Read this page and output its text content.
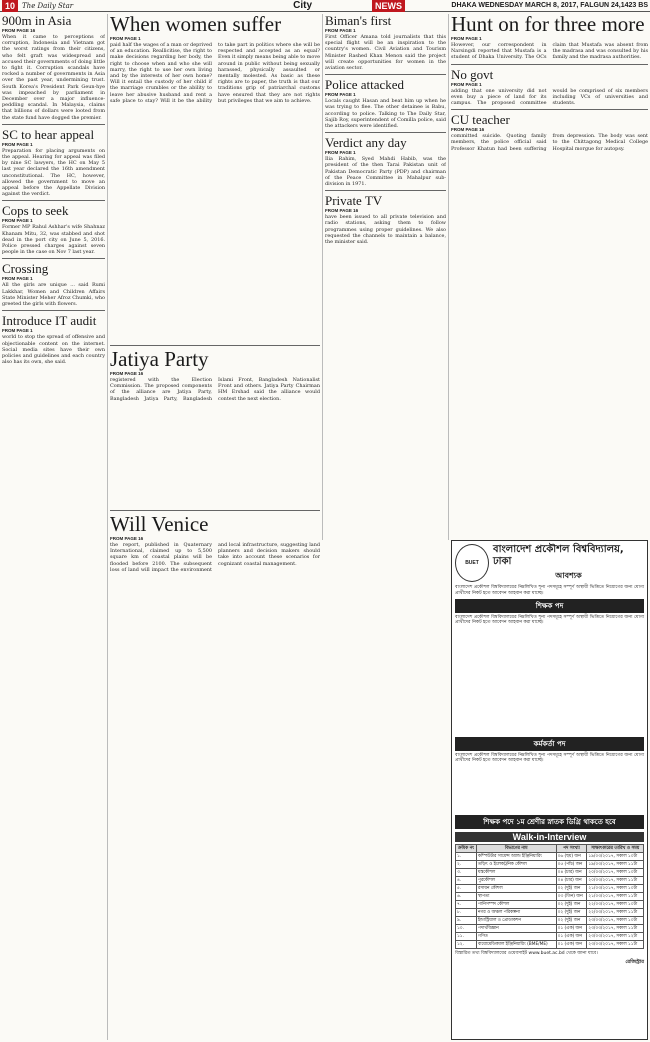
10	The Daily Star	City	NEWS	DHAKA WEDNESDAY MARCH 8, 2017, FALGUN 24,1423 BS
900m in Asia
FROM PAGE 16

When it came to perceptions of corruption, Indonesia and Vietnam got the worst ratings from their citizens, who felt graft was widespread and accused their governments of doing little to fight it. Corruption scandals have rocked a number of governments in Asia over the past year, undermining trust. South Korea's President Park Geun-hye was impeached by parliament in December over a major influence-peddling scandal. In Malaysia, claims that billions of dollars were looted from the state fund have dogged the premier.

SC to hear appeal
FROM PAGE 1

Preparation for placing arguments on the appeal. Hearing for appeal was filed by nine SC lawyers, the HC on May 5 last year declared the 16th amendment unconstitutional. The HC, however, allowed the government to move an appeal before the Appellate Division against the verdict.

Cops to seek
FROM PAGE 1

Former MP Rahul Ashhar's wife Shahnaz Khanam Mitu, 32, was stabbed and shot dead in the port city on June 5, 2016. Police pressed charges against seven people in the case on Nov 7 last year.

Crossing
FROM PAGE 1

All the girls are unique ... said Rumi Lakkhar, Women and Children Affairs State Minister Meher Afroz Chumki, who greeted the girls with flowers.

Introduce IT audit
FROM PAGE 1

world to stop the spread of offensive and objectionable content on the internet. Social media sites have their own policies and guidelines and each country also has its own, she said.

When women suffer
FROM PAGE 1

paid half the wages of a man or deprived of an education. Reallicitise, the right to make decisions regarding her body, the right to choose when and who she will marry, the right to use her own living and by the interests of her own home? Will it entail the custody of her child if the marriage crumbles or the ability to leave her abusive husband and rent a safe place to stay? Will it be the ability to take part in politics where she will be respected and accepted as an equal? Even it simply means being able to move around in public without being sexually harassed, physically assaulted or mentally molested. As basic as these rights are to paper, the truth is that our traditions grip of patriarchal customs have ensured that they are not rights but privileges that we aim to achieve.

Jatiya Party
FROM PAGE 16

registered with the Election Commission. The proposed components of the alliance are Jatiya Party, Bangladesh Jatiya Party, Bangladesh Islami Front, Bangladesh Nationalist Front and others. Jatiya Party Chairman HM Ershad said the alliance would contest the next election.

Will Venice
FROM PAGE 16

the report, published in Quaternary International, claimed up to 5,500 square km of coastal plains will be flooded before 2100. The subsequent loss of land will impact the environment and local infrastructure, suggesting land planners and decision makers should take into account these scenarios for cognizant coastal management.

Biman's first
FROM PAGE 1

First Officer Amana told journalists that this special flight will be an inspiration to the country's women. Civil Aviation and Tourism Minister Rashed Khan Menon said the project will create opportunities for women in the aviation sector.

Police attacked
FROM PAGE 1

Locals caught Hasan and beat him up when he was trying to flee. The other detainee is Babu, according to police. Talking to The Daily Star, Sajib Roy, superintendent of Comilla police, said the attackers were identified.

Verdict any day
FROM PAGE 1

Ilia Rahim, Syed Mahdi Habib, was the president of the then Tarai Pakistan unit of Pakistan Democratic Party (PDP) and chairman of the Peace Committee in Mahalpur sub-division in 1971.

Private TV
FROM PAGE 16

have been issued to all private television and radio stations, asking them to follow programmes using proper guidelines. We also requested the channels to maintain a balance, the minister said.

Hunt on for three more
FROM PAGE 1

However, our correspondent in Narsingdi reported that Mustafa is a student of Dhaka University. The OCs claim that Mustafa was absent from the madrasa and was consulted by his family and the madrasa authorities.

No govt
FROM PAGE 1

adding that one university did not even buy a piece of land for its campus. The proposed committee would be comprised of six members including VCs of universities and students.

CU teacher
FROM PAGE 16

committed suicide. Quoting family members, the police official said Professor Khatun had been suffering from depression. The body was sent to the Chittagong Medical College Hospital morgue for autopsy.

BUET
বাংলাদেশ প্রকৌশল বিশ্ববিদ্যালয়, ঢাকা
আবশ্যক

বাংলাদেশ প্রকৌশল বিশ্ববিদ্যালয়ের নিম্নলিখিত শূন্য পদসমূহে সম্পূর্ণ অস্থায়ী ভিত্তিতে নিয়োগের জন্য যোগ্য প্রার্থীদের নিকট হতে আবেদন আহবান করা যাচ্ছে।

শিক্ষক পদ

বাংলাদেশ প্রকৌশল বিশ্ববিদ্যালয়ের নিম্নলিখিত শূন্য পদসমূহে সম্পূর্ণ অস্থায়ী ভিত্তিতে নিয়োগের জন্য যোগ্য প্রার্থীদের নিকট হতে আবেদন আহবান করা যাচ্ছে।

কর্মকর্তা পদ

বাংলাদেশ প্রকৌশল বিশ্ববিদ্যালয়ের নিম্নলিখিত শূন্য পদসমূহে সম্পূর্ণ অস্থায়ী ভিত্তিতে নিয়োগের জন্য যোগ্য প্রার্থীদের নিকট হতে আবেদন আহবান করা যাচ্ছে।

শিক্ষক পদে ১ম শ্রেণীর স্নাতক ডিগ্রি থাকতে হবে
Walk-in-Interview
ক্রমিক নং	বিভাগের নাম	পদ সংখ্যা	সাক্ষাৎকারের তারিখ ও সময়
১.	কম্পিউটার সায়েন্স অ্যান্ড ইঞ্জিনিয়ারিং	০৬ (ছয়) জন	১৯/০৩/২০১৭, সকাল ১০টা
২.	তড়িৎ ও ইলেকট্রনিক কৌশল	০৫ (পাঁচ) জন	১৯/০৩/২০১৭, সকাল ১১টা
৩.	যন্ত্রকৌশল	০৪ (চার) জন	২০/০৩/২০১৭, সকাল ১০টা
৪.	পুরকৌশল	০৪ (চার) জন	২০/০৩/২০১৭, সকাল ১১টা
৫.	রসায়ন কৌশল	০২ (দুই) জন	২১/০৩/২০১৭, সকাল ১০টা
৬.	স্থাপত্য	০৩ (তিন) জন	২১/০৩/২০১৭, সকাল ১১টা
৭.	পানিসম্পদ কৌশল	০২ (দুই) জন	২২/০৩/২০১৭, সকাল ১০টা
৮.	নগর ও অঞ্চল পরিকল্পনা	০২ (দুই) জন	২২/০৩/২০১৭, সকাল ১১টা
৯.	ইন্ডাস্ট্রিয়াল ও প্রোডাকশন	০২ (দুই) জন	২৩/০৩/২০১৭, সকাল ১০টা
১০.	পদার্থবিজ্ঞান	০১ (এক) জন	২৩/০৩/২০১৭, সকাল ১১টা
১১.	গণিত	০১ (এক) জন	২৩/০৩/২০১৭, সকাল ১২টা
১২.	বায়োমেডিক্যাল ইঞ্জিনিয়ারিং (BME/ME)	০১ (এক) জন	২৩/০৩/২০১৭, সকাল ১১টা

বিস্তারিত তথ্য বিশ্ববিদ্যালয়ের ওয়েবসাইট www.buet.ac.bd থেকে জানা যাবে।

রেজিস্ট্রার
